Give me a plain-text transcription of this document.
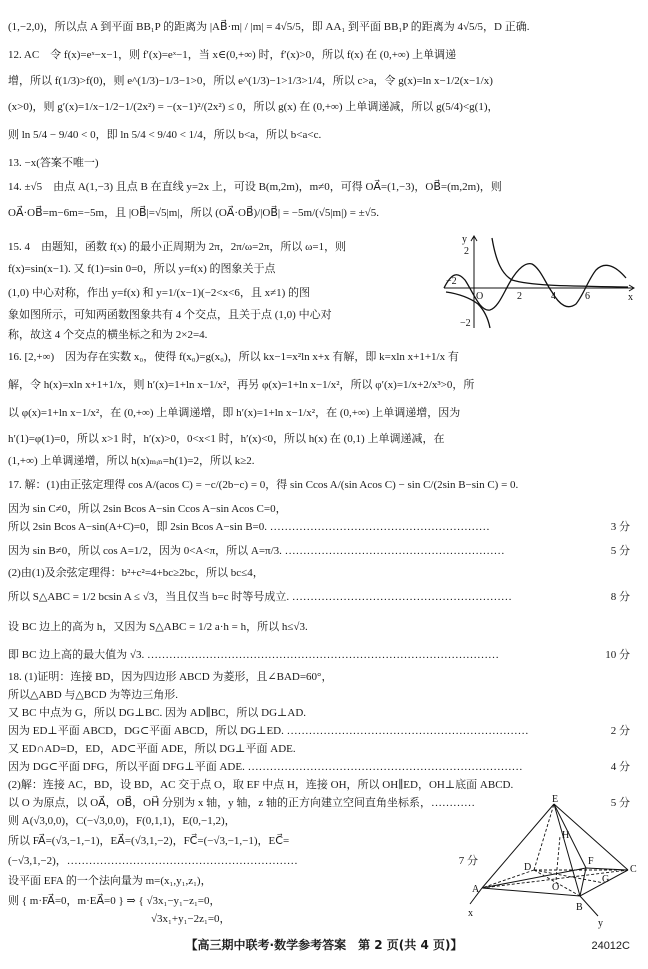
(1,−2,0)，所以点 A 到平面 BB₁P 的距离为 |AB⃗·m| / |m| = 4√5/5，即 AA₁ 到平面 BB₁P 的距离为 4√5/5，D 正确.
12. AC　令 f(x)=eˣ−x−1，则 f′(x)=eˣ−1，当 x∈(0,+∞) 时，f′(x)>0，所以 f(x) 在 (0,+∞) 上单调递
增，所以 f(1/3)>f(0)，则 e^(1/3)−1/3−1>0，所以 e^(1/3)−1>1/3>1/4，所以 c>a，令 g(x)=ln x−1/2(x−1/x)
(x>0)，则 g′(x)=1/x−1/2−1/(2x²) = −(x−1)²/(2x²) ≤ 0，所以 g(x) 在 (0,+∞) 上单调递减，所以 g(5/4)<g(1)，
则 ln 5/4 − 9/40 < 0，即 ln 5/4 < 9/40 < 1/4，所以 b<a，所以 b<a<c.
13. −x(答案不唯一)
14. ±√5　由点 A(1,−3) 且点 B 在直线 y=2x 上，可设 B(m,2m)，m≠0，可得 OA⃗=(1,−3)，OB⃗=(m,2m)，则
OA⃗·OB⃗=m−6m=−5m，且 |OB⃗|=√5|m|，所以 (OA⃗·OB⃗)/|OB⃗| = −5m/(√5|m|) = ±√5.
15. 4　由题知，函数 f(x) 的最小正周期为 2π，2π/ω=2π，所以 ω=1，则
f(x)=sin(x−1). 又 f(1)=sin 0=0，所以 y=f(x) 的图象关于点
(1,0) 中心对称，作出 y=f(x) 和 y=1/(x−1)(−2<x<6，且 x≠1) 的图
象如图所示，可知两函数图象共有 4 个交点，且关于点 (1,0) 中心对
称，故这 4 个交点的横坐标之和为 2×2=4.
y
x
2
−2
−2
O	2	4	6
16. [2,+∞)　因为存在实数 x₀，使得 f(x₀)=g(x₀)，所以 kx−1=x²ln x+x 有解，即 k=xln x+1+1/x 有
解，令 h(x)=xln x+1+1/x，则 h′(x)=1+ln x−1/x²，再另 φ(x)=1+ln x−1/x²，所以 φ′(x)=1/x+2/x³>0，所
以 φ(x)=1+ln x−1/x²，在 (0,+∞) 上单调递增，即 h′(x)=1+ln x−1/x²，在 (0,+∞) 上单调递增，因为
h′(1)=φ(1)=0，所以 x>1 时，h′(x)>0，0<x<1 时，h′(x)<0，所以 h(x) 在 (0,1) 上单调递减，在
(1,+∞) 上单调递增，所以 h(x)ₘᵢₙ=h(1)=2，所以 k≥2.
17. 解：(1)由正弦定理得 cos A/(acos C) = −c/(2b−c) = 0，得 sin Ccos A/(sin Acos C) − sin C/(2sin B−sin C) = 0.
因为 sin C≠0，所以 2sin Bcos A−sin Ccos A−sin Acos C=0，
所以 2sin Bcos A−sin(A+C)=0，即 2sin Bcos A−sin B=0. ……………………………………………………	3 分
因为 sin B≠0，所以 cos A=1/2，因为 0<A<π，所以 A=π/3. ……………………………………………………	5 分
(2)由(1)及余弦定理得：b²+c²=4+bc≥2bc，所以 bc≤4，
所以 S△ABC = 1/2 bcsin A ≤ √3，当且仅当 b=c 时等号成立. ……………………………………………………	8 分
设 BC 边上的高为 h，又因为 S△ABC = 1/2 a·h = h，所以 h≤√3.
即 BC 边上高的最大值为 √3. ……………………………………………………………………………………	10 分
18. (1)证明：连接 BD，因为四边形 ABCD 为菱形，且∠BAD=60°，
所以△ABD 与△BCD 为等边三角形.
又 BC 中点为 G，所以 DG⊥BC. 因为 AD∥BC，所以 DG⊥AD.
因为 ED⊥平面 ABCD，DG⊂平面 ABCD，所以 DG⊥ED. …………………………………………………………	2 分
又 ED∩AD=D，ED，AD⊂平面 ADE，所以 DG⊥平面 ADE.
因为 DG⊂平面 DFG，所以平面 DFG⊥平面 ADE. …………………………………………………………………	4 分
(2)解：连接 AC，BD，设 BD，AC 交于点 O，取 EF 中点 H，连接 OH，所以 OH∥ED，OH⊥底面 ABCD.
以 O 为原点，以 OA⃗，OB⃗，OH⃗ 分别为 x 轴，y 轴，z 轴的正方向建立空间直角坐标系，…………	5 分
则 A(√3,0,0)，C(−√3,0,0)，F(0,1,1)，E(0,−1,2)，
所以 FA⃗=(√3,−1,−1)，EA⃗=(√3,1,−2)，FC⃗=(−√3,−1,−1)，EC⃗=
(−√3,1,−2)，………………………………………………………	7 分
设平面 EFA 的一个法向量为 m=(x₁,y₁,z₁)，
则 { m·FA⃗=0，m·EA⃗=0 } ⇒ { √3x₁−y₁−z₁=0，
　　　　　　　　　　　　　√3x₁+y₁−2z₁=0，
E
H
F
D
O
G
C
A
B
x
y
【高三期中联考·数学参考答案　第 2 页(共 4 页)】	24012C
